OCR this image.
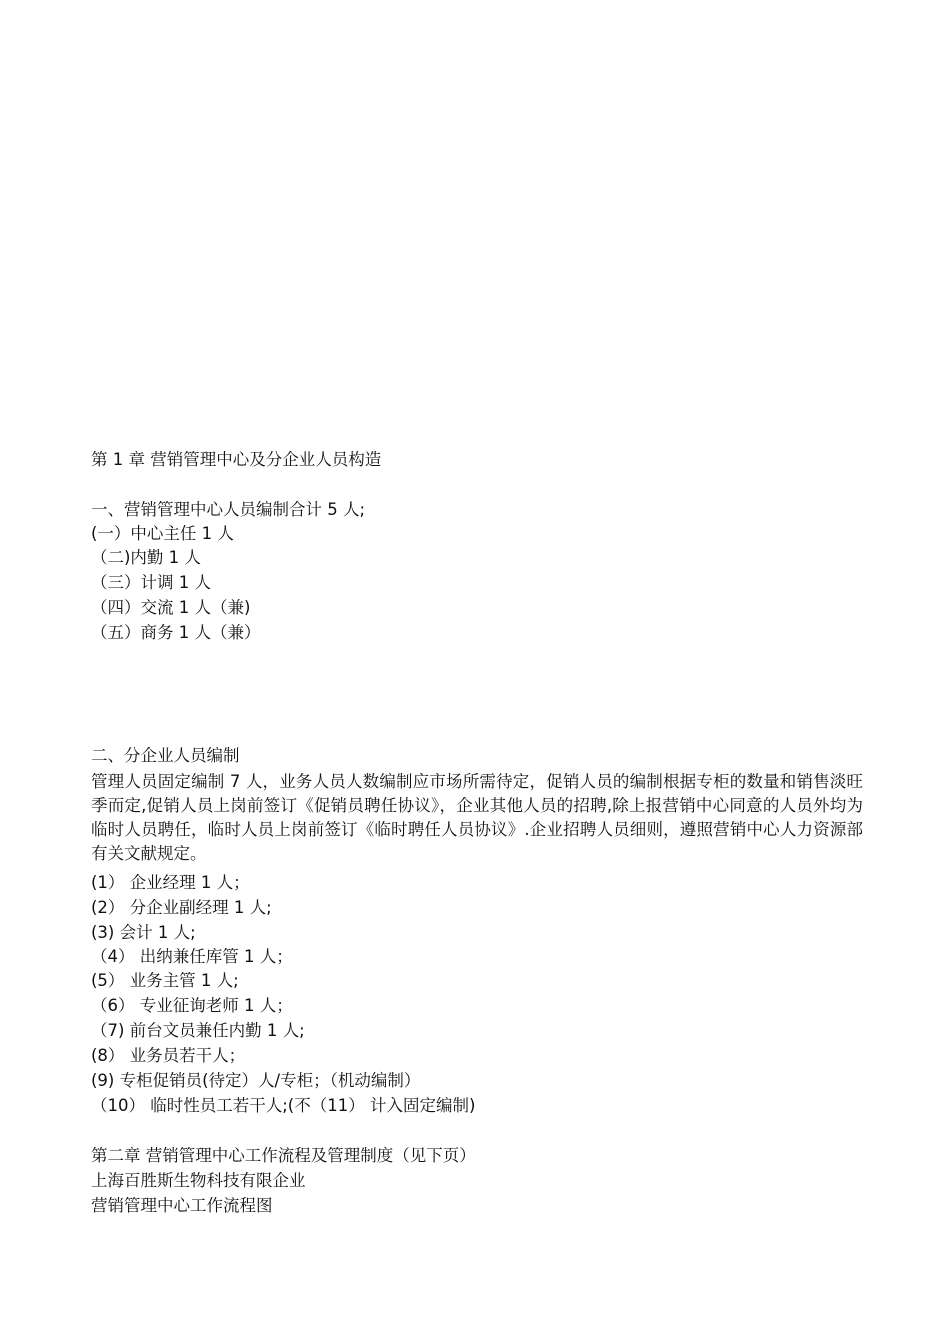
第 1 章 营销管理中心及分企业人员构造
一、营销管理中心人员编制合计 5 人;
(一）中心主任 1 人
（二)内勤 1 人
（三）计调 1 人
（四）交流 1 人（兼)
（五）商务 1 人（兼）
二、分企业人员编制
管理人员固定编制 7 人，业务人员人数编制应市场所需待定，促销人员的编制根据专柜的数量和销售淡旺季而定,促销人员上岗前签订《促销员聘任协议》，企业其他人员的招聘,除上报营销中心同意的人员外均为临时人员聘任，临时人员上岗前签订《临时聘任人员协议》.企业招聘人员细则，遵照营销中心人力资源部有关文献规定。
(1） 企业经理 1 人；
(2） 分企业副经理 1 人;
(3) 会计 1 人;
（4） 出纳兼任库管 1 人；
(5） 业务主管 1 人;
（6） 专业征询老师 1 人；
（7) 前台文员兼任内勤 1 人;
(8） 业务员若干人；
(9) 专柜促销员(待定）人/专柜；（机动编制）
（10） 临时性员工若干人;(不（11） 计入固定编制)
第二章 营销管理中心工作流程及管理制度（见下页）
上海百胜斯生物科技有限企业
营销管理中心工作流程图
